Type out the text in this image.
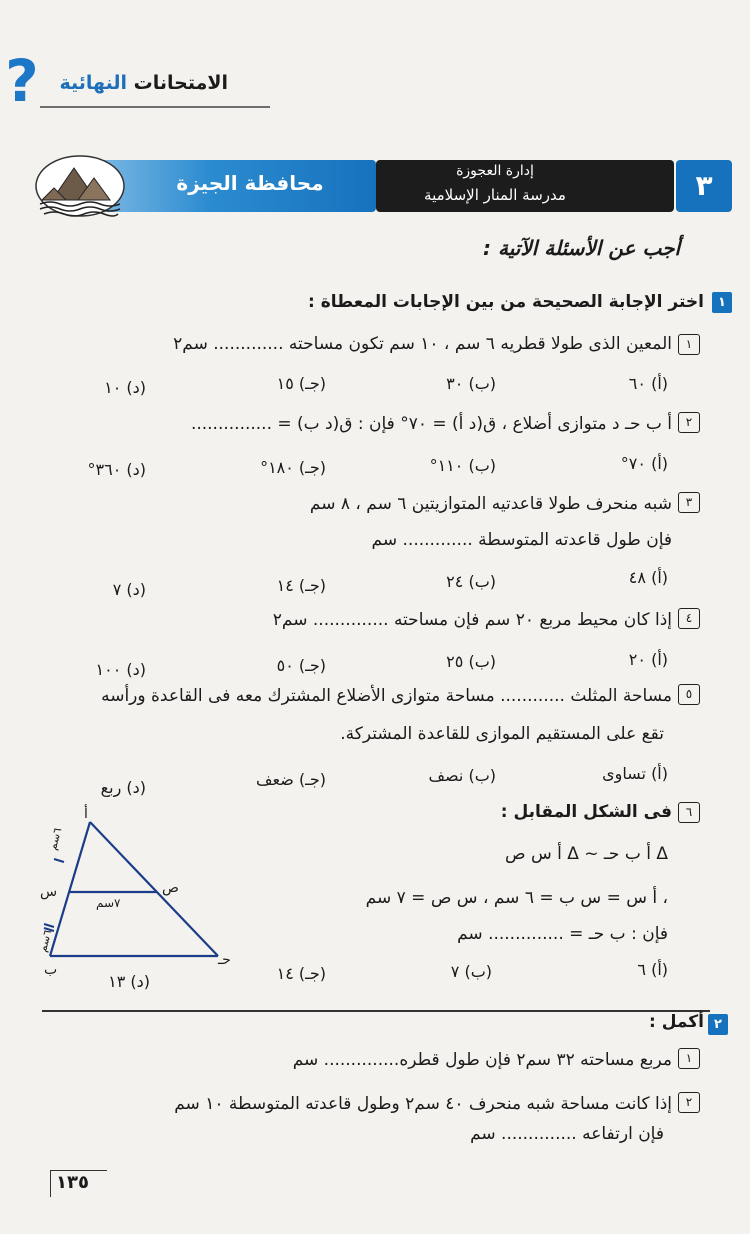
الامتحانات النهائية
?
محافظة الجيزة	إدارة العجوزة
مدرسة المنار الإسلامية	٣
أجب عن الأسئلة الآتية :
١
اختر الإجابة الصحيحة من بين الإجابات المعطاة :
١
المعين الذى طولا قطريه ٦ سم ، ١٠ سم تكون مساحته ............. سم٢
(أ) ٦٠
(ب) ٣٠
(جـ) ١٥
(د) ١٠
٢
أ ب حـ د متوازى أضلاع ، ق(د أ) = ٧٠° فإن : ق(د ب) = ...............
(أ) ٧٠°
(ب) ١١٠°
(جـ) ١٨٠°
(د) ٣٦٠°
٣
شبه منحرف طولا قاعدتيه المتوازيتين ٦ سم ، ٨ سم
فإن طول قاعدته المتوسطة ............. سم
(أ) ٤٨
(ب) ٢٤
(جـ) ١٤
(د) ٧
٤
إذا كان محيط مربع ٢٠ سم فإن مساحته .............. سم٢
(أ) ٢٠
(ب) ٢٥
(جـ) ٥٠
(د) ١٠٠
٥
مساحة المثلث ............ مساحة متوازى الأضلاع المشترك معه فى القاعدة ورأسه
تقع على المستقيم الموازى للقاعدة المشتركة.
(أ) تساوى
(ب) نصف
(جـ) ضعف
(د) ربع
٦
فى الشكل المقابل :
Δ أ ب حـ ~ Δ أ س ص
، أ س = س ب = ٦ سم ، س ص = ٧ سم
فإن : ب حـ = .............. سم
(أ) ٦
(ب) ٧
(جـ) ١٤
(د) ١٣
أ
س	ص
ب
حـ
٦سم
٦سم
٧سم
٢
أكمل :
١
مربع مساحته ٣٢ سم٢ فإن طول قطره.............. سم
٢
إذا كانت مساحة شبه منحرف ٤٠ سم٢ وطول قاعدته المتوسطة ١٠ سم
فإن ارتفاعه .............. سم
١٣٥
